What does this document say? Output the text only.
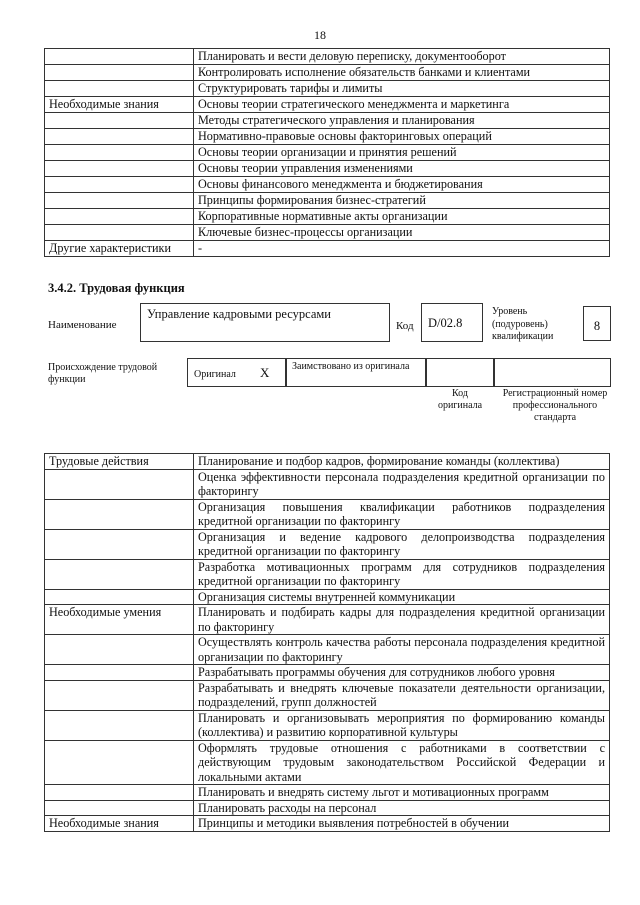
18
	Планировать и вести деловую переписку, документооборот
	Контролировать исполнение обязательств банками и клиентами
	Структурировать тарифы и лимиты
Необходимые знания	Основы теории стратегического менеджмента и маркетинга
	Методы стратегического управления и планирования
	Нормативно-правовые основы факторинговых операций
	Основы теории организации и принятия решений
	Основы теории управления изменениями
	Основы финансового менеджмента и бюджетирования
	Принципы формирования бизнес-стратегий
	Корпоративные нормативные акты организации
	Ключевые бизнес-процессы организации
Другие характеристики	-
3.4.2. Трудовая функция
Наименование
Управление кадровыми ресурсами
Код	D/02.8
Уровень (подуровень) квалификации
8
Происхождение трудовой функции	Оригинал X Заимствовано из оригинала
Код оригинала
Регистрационный номер профессионального стандарта
Трудовые действия	Планирование и подбор кадров, формирование команды (коллектива)
	Оценка эффективности персонала подразделения кредитной организации по факторингу
	Организация повышения квалификации работников подразделения кредитной организации по факторингу
	Организация и ведение кадрового делопроизводства подразделения кредитной организации по факторингу
	Разработка мотивационных программ для сотрудников подразделения кредитной организации по факторингу
	Организация системы внутренней коммуникации
Необходимые умения	Планировать и подбирать кадры для подразделения кредитной организации по факторингу
	Осуществлять контроль качества работы персонала подразделения кредитной организации по факторингу
	Разрабатывать программы обучения для сотрудников любого уровня
	Разрабатывать и внедрять ключевые показатели деятельности организации, подразделений, групп должностей
	Планировать и организовывать мероприятия по формированию команды (коллектива) и развитию корпоративной культуры
	Оформлять трудовые отношения с работниками в соответствии с действующим трудовым законодательством Российской Федерации и локальными актами
	Планировать и внедрять систему льгот и мотивационных программ
	Планировать расходы на персонал
Необходимые знания	Принципы и методики выявления потребностей в обучении
